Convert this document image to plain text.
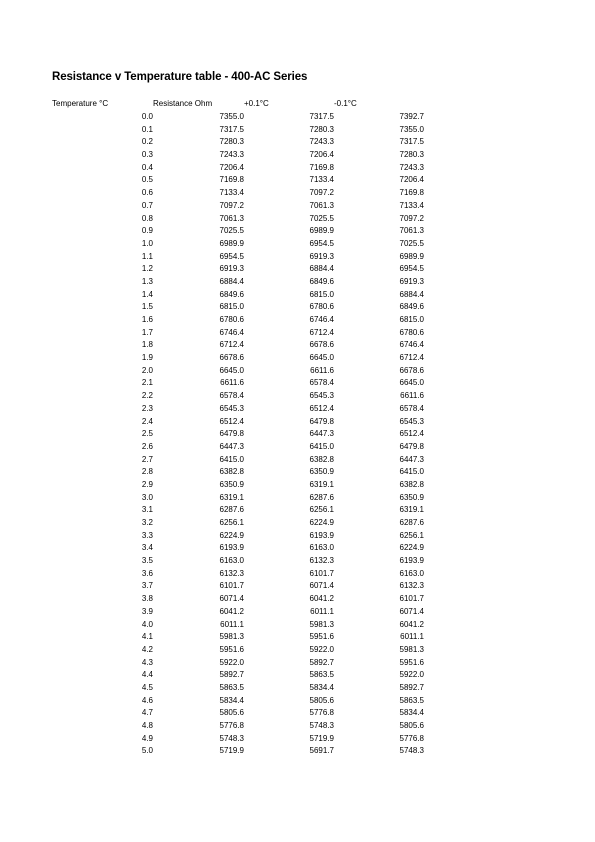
Resistance v Temperature table - 400-AC Series
Temperature °C	Resistance Ohm	+0.1°C	-0.1°C
0.0	7355.0	7317.5	7392.7
0.1	7317.5	7280.3	7355.0
0.2	7280.3	7243.3	7317.5
0.3	7243.3	7206.4	7280.3
0.4	7206.4	7169.8	7243.3
0.5	7169.8	7133.4	7206.4
0.6	7133.4	7097.2	7169.8
0.7	7097.2	7061.3	7133.4
0.8	7061.3	7025.5	7097.2
0.9	7025.5	6989.9	7061.3
1.0	6989.9	6954.5	7025.5
1.1	6954.5	6919.3	6989.9
1.2	6919.3	6884.4	6954.5
1.3	6884.4	6849.6	6919.3
1.4	6849.6	6815.0	6884.4
1.5	6815.0	6780.6	6849.6
1.6	6780.6	6746.4	6815.0
1.7	6746.4	6712.4	6780.6
1.8	6712.4	6678.6	6746.4
1.9	6678.6	6645.0	6712.4
2.0	6645.0	6611.6	6678.6
2.1	6611.6	6578.4	6645.0
2.2	6578.4	6545.3	6611.6
2.3	6545.3	6512.4	6578.4
2.4	6512.4	6479.8	6545.3
2.5	6479.8	6447.3	6512.4
2.6	6447.3	6415.0	6479.8
2.7	6415.0	6382.8	6447.3
2.8	6382.8	6350.9	6415.0
2.9	6350.9	6319.1	6382.8
3.0	6319.1	6287.6	6350.9
3.1	6287.6	6256.1	6319.1
3.2	6256.1	6224.9	6287.6
3.3	6224.9	6193.9	6256.1
3.4	6193.9	6163.0	6224.9
3.5	6163.0	6132.3	6193.9
3.6	6132.3	6101.7	6163.0
3.7	6101.7	6071.4	6132.3
3.8	6071.4	6041.2	6101.7
3.9	6041.2	6011.1	6071.4
4.0	6011.1	5981.3	6041.2
4.1	5981.3	5951.6	6011.1
4.2	5951.6	5922.0	5981.3
4.3	5922.0	5892.7	5951.6
4.4	5892.7	5863.5	5922.0
4.5	5863.5	5834.4	5892.7
4.6	5834.4	5805.6	5863.5
4.7	5805.6	5776.8	5834.4
4.8	5776.8	5748.3	5805.6
4.9	5748.3	5719.9	5776.8
5.0	5719.9	5691.7	5748.3
